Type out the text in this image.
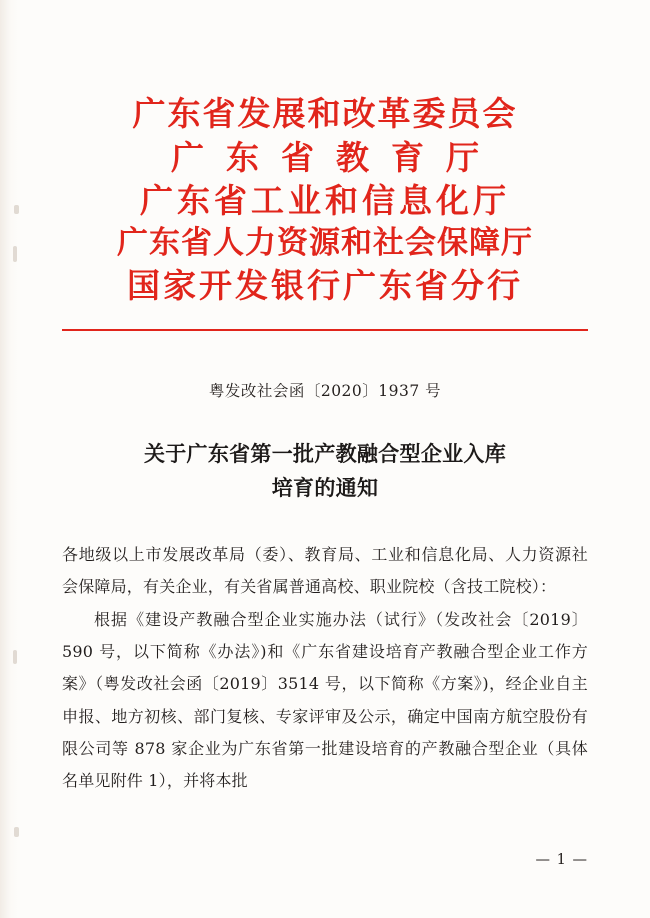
广东省发展和改革委员会
广东省教育厅
广东省工业和信息化厅
广东省人力资源和社会保障厅
国家开发银行广东省分行
粤发改社会函〔2020〕1937 号
关于广东省第一批产教融合型企业入库
培育的通知

各地级以上市发展改革局（委）、教育局、工业和信息化局、人力资源社会保障局，有关企业，有关省属普通高校、职业院校（含技工院校）：

根据《建设产教融合型企业实施办法（试行》（发改社会〔2019〕590 号，以下简称《办法》)和《广东省建设培育产教融合型企业工作方案》（粤发改社会函〔2019〕3514 号，以下简称《方案》)，经企业自主申报、地方初核、部门复核、专家评审及公示，确定中国南方航空股份有限公司等 878 家企业为广东省第一批建设培育的产教融合型企业（具体名单见附件 1），并将本批

— 1 —
